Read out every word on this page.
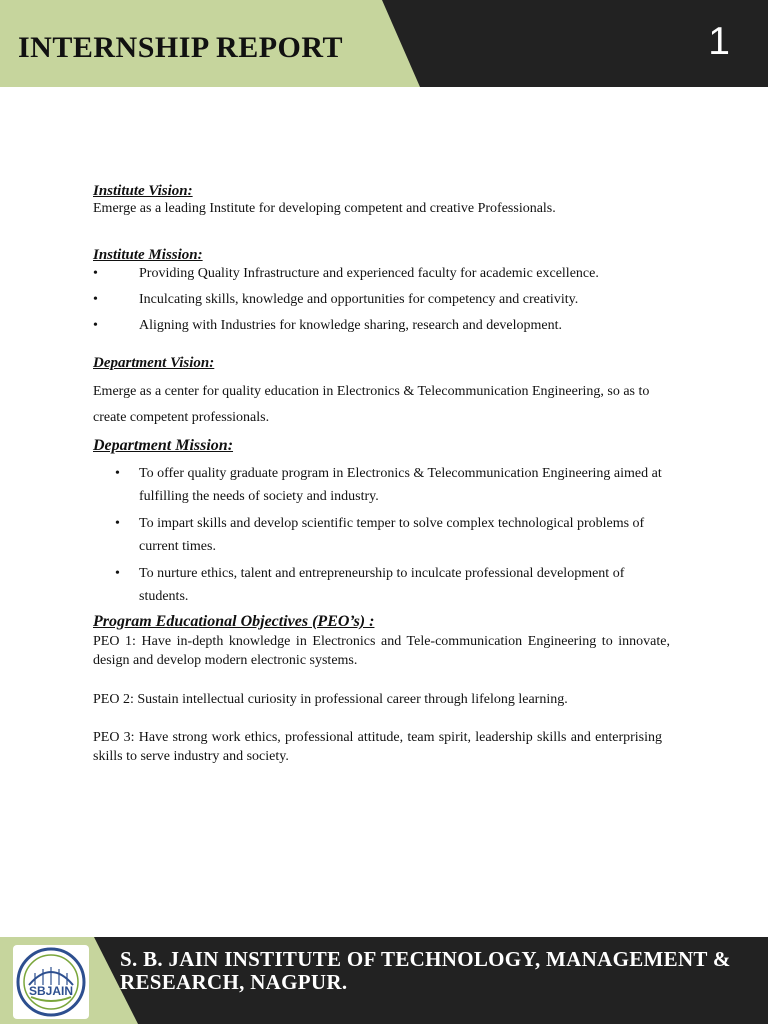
INTERNSHIP REPORT	1
Institute Vision:

Emerge as a leading Institute for developing competent and creative Professionals.

Institute Mission:
•	Providing Quality Infrastructure and experienced faculty for academic excellence.
•	Inculcating skills, knowledge and opportunities for competency and creativity.
•	Aligning with Industries for knowledge sharing, research and development.
Department Vision:

Emerge as a center for quality education in Electronics & Telecommunication Engineering, so as to create competent professionals.

Department Mission:
• To offer quality graduate program in Electronics & Telecommunication Engineering aimed at fulfilling the needs of society and industry.
• To impart skills and develop scientific temper to solve complex technological problems of current times.
• To nurture ethics, talent and entrepreneurship to inculcate professional development of students.
Program Educational Objectives (PEO’s) :

PEO 1: Have in-depth knowledge in Electronics and Tele-communication Engineering to innovate, design and develop modern electronic systems.

PEO 2: Sustain intellectual curiosity in professional career through lifelong learning.

PEO 3: Have strong work ethics, professional attitude, team spirit, leadership skills and enterprising skills to serve industry and society.

SBJAIN
S. B. JAIN INSTITUTE OF TECHNOLOGY, MANAGEMENT & RESEARCH, NAGPUR.
